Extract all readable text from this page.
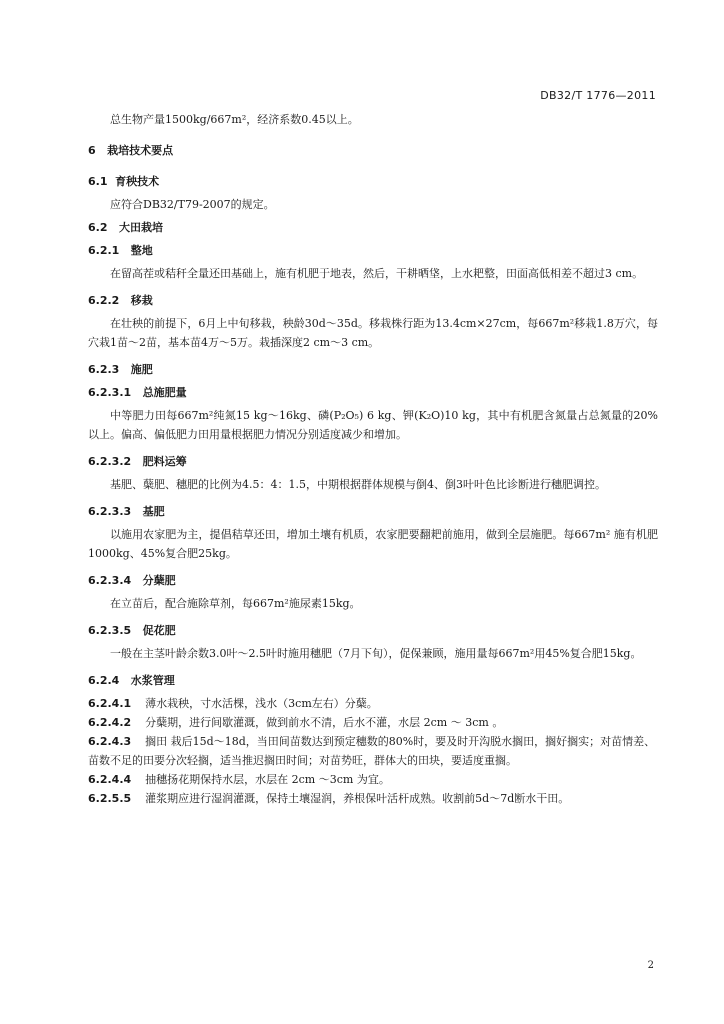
DB32/T 1776—2011

总生物产量1500kg/667m²，经济系数0.45以上。

6   栽培技术要点

6.1  育秧技术

应符合DB32/T79-2007的规定。

6.2   大田栽培

6.2.1   整地

在留高茬或秸秆全量还田基础上，施有机肥于地表，然后，干耕晒垡，上水耙整，田面高低相差不超过3 cm。

6.2.2   移栽

在壮秧的前提下，6月上中旬移栽，秧龄30d～35d。移栽株行距为13.4cm×27cm，每667m²移栽1.8万穴，每穴栽1苗～2苗，基本苗4万～5万。栽插深度2 cm～3 cm。

6.2.3   施肥

6.2.3.1   总施肥量

中等肥力田每667m²纯氮15 kg～16kg、磷(P₂O₅) 6 kg、钾(K₂O)10 kg，其中有机肥含氮量占总氮量的20%以上。偏高、偏低肥力田用量根据肥力情况分别适度减少和增加。

6.2.3.2   肥料运筹

基肥、蘖肥、穗肥的比例为4.5：4：1.5，中期根据群体规模与倒4、倒3叶叶色比诊断进行穗肥调控。

6.2.3.3   基肥

以施用农家肥为主，提倡秸草还田，增加土壤有机质，农家肥要翻耙前施用，做到全层施肥。每667m² 施有机肥 1000kg、45%复合肥25kg。

6.2.3.4   分蘖肥

在立苗后，配合施除草剂，每667m²施尿素15kg。

6.2.3.5   促花肥

一般在主茎叶龄余数3.0叶～2.5叶时施用穗肥（7月下旬），促保兼顾，施用量每667m²用45%复合肥15kg。

6.2.4   水浆管理

6.2.4.1 薄水栽秧，寸水活棵，浅水（3cm左右）分蘖。

6.2.4.2 分蘖期，进行间歇灌溉，做到前水不清，后水不灌，水层 2cm ～ 3cm 。

6.2.4.3 搁田 栽后15d～18d，当田间苗数达到预定穗数的80%时，要及时开沟脱水搁田，搁好搁实；对苗情差、苗数不足的田要分次轻搁，适当推迟搁田时间；对苗势旺，群体大的田块，要适度重搁。

6.2.4.4 抽穗扬花期保持水层，水层在 2cm ～3cm 为宜。

6.2.5.5 灌浆期应进行湿润灌溉，保持土壤湿润，养根保叶活杆成熟。收割前5d～7d断水干田。

2
